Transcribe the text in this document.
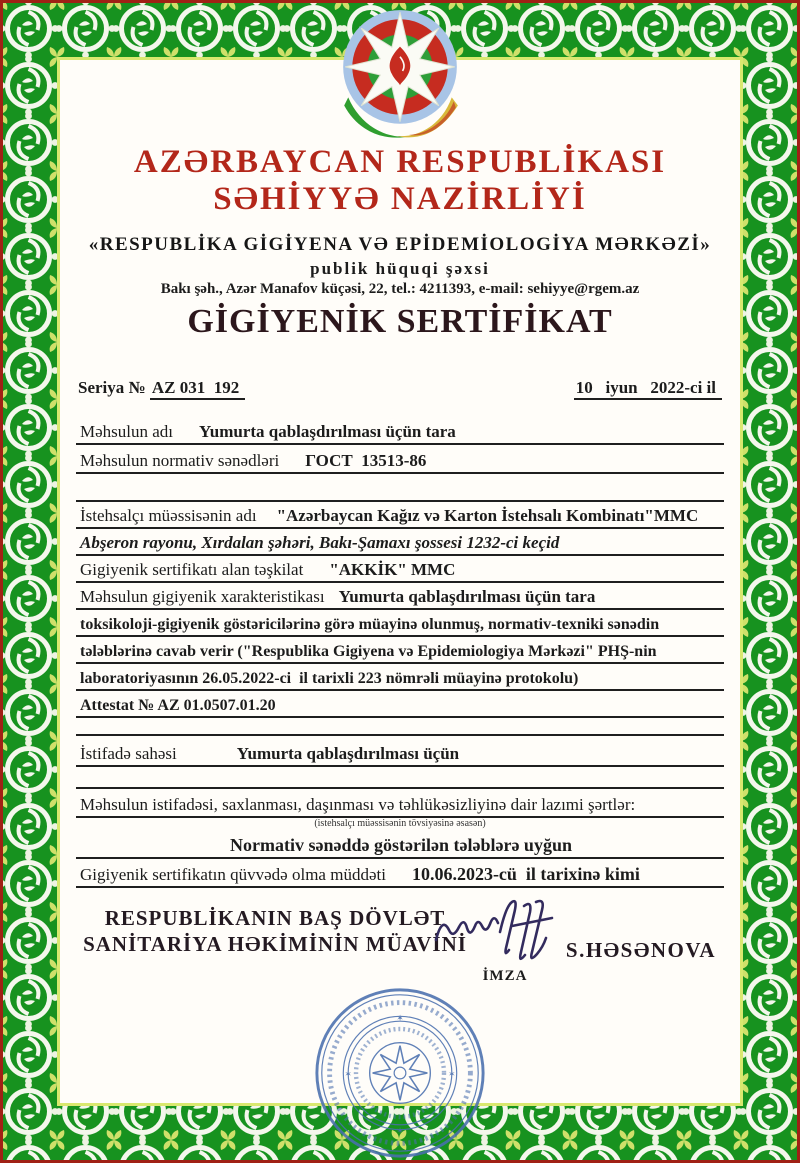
AZƏRBAYCAN RESPUBLİKASI
SƏHİYYƏ NAZİRLİYİ
«RESPUBLİKA GİGİYENA VƏ EPİDEMİOLOGİYA MƏRKƏZİ»
publik hüquqi şəxsi
Bakı şəh., Azər Manafov küçəsi, 22, tel.: 4211393, e-mail: sehiyye@rgem.az
GİGİYENİK SERTİFİKAT
Seriya № AZ 031  192	10   iyun   2022-ci il
Məhsulun adı Yumurta qablaşdırılması üçün tara
Məhsulun normativ sənədləri ГОСТ  13513-86
İstehsalçı müəssisənin adı "Azərbaycan Kağız və Karton İstehsalı Kombinatı"MMC
Abşeron rayonu, Xırdalan şəhəri, Bakı-Şamaxı şossesi 1232-ci keçid
Gigiyenik sertifikatı alan təşkilat "AKKİK" MMC
Məhsulun gigiyenik xarakteristikası Yumurta qablaşdırılması üçün tara
toksikoloji-gigiyenik göstəricilərinə görə müayinə olunmuş, normativ-texniki sənədin
tələblərinə cavab verir ("Respublika Gigiyena və Epidemiologiya Mərkəzi" PHŞ-nin
laboratoriyasının 26.05.2022-ci  il tarixli 223 nömrəli müayinə protokolu)
Attestat № AZ 01.0507.01.20
İstifadə sahəsi	Yumurta qablaşdırılması üçün
Məhsulun istifadəsi, saxlanması, daşınması və təhlükəsizliyinə dair lazımi şərtlər:
(istehsalçı müəssisənin tövsiyəsinə əsasən)
Normativ sənəddə göstərilən tələblərə uyğun
Gigiyenik sertifikatın qüvvədə olma müddəti 10.06.2023-cü  il tarixinə kimi
RESPUBLİKANIN BAŞ DÖVLƏT
SANİTARİYA HƏKİMİNİN MÜAVİNİ
İMZA
S.HƏSƏNOVA
✶
✶	✶
✶
